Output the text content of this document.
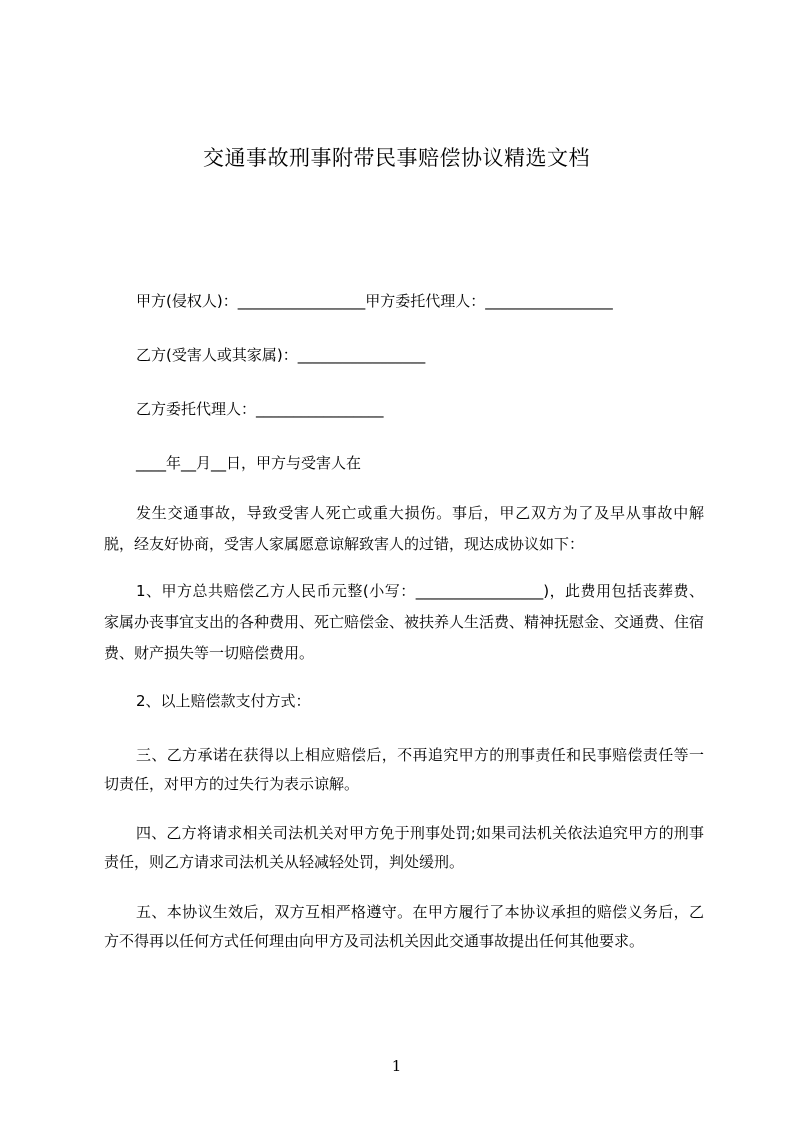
交通事故刑事附带民事赔偿协议精选文档
甲方(侵权人)：_________________甲方委托代理人：_________________
乙方(受害人或其家属)：_________________
乙方委托代理人：_________________
____年__月__日，甲方与受害人在
发生交通事故，导致受害人死亡或重大损伤。事后，甲乙双方为了及早从事故中解脱，经友好协商，受害人家属愿意谅解致害人的过错，现达成协议如下：
1、甲方总共赔偿乙方人民币元整(小写：_________________)，此费用包括丧葬费、家属办丧事宜支出的各种费用、死亡赔偿金、被扶养人生活费、精神抚慰金、交通费、住宿费、财产损失等一切赔偿费用。
2、以上赔偿款支付方式：
三、乙方承诺在获得以上相应赔偿后，不再追究甲方的刑事责任和民事赔偿责任等一切责任，对甲方的过失行为表示谅解。
四、乙方将请求相关司法机关对甲方免于刑事处罚;如果司法机关依法追究甲方的刑事责任，则乙方请求司法机关从轻减轻处罚，判处缓刑。
五、本协议生效后，双方互相严格遵守。在甲方履行了本协议承担的赔偿义务后，乙方不得再以任何方式任何理由向甲方及司法机关因此交通事故提出任何其他要求。
1
